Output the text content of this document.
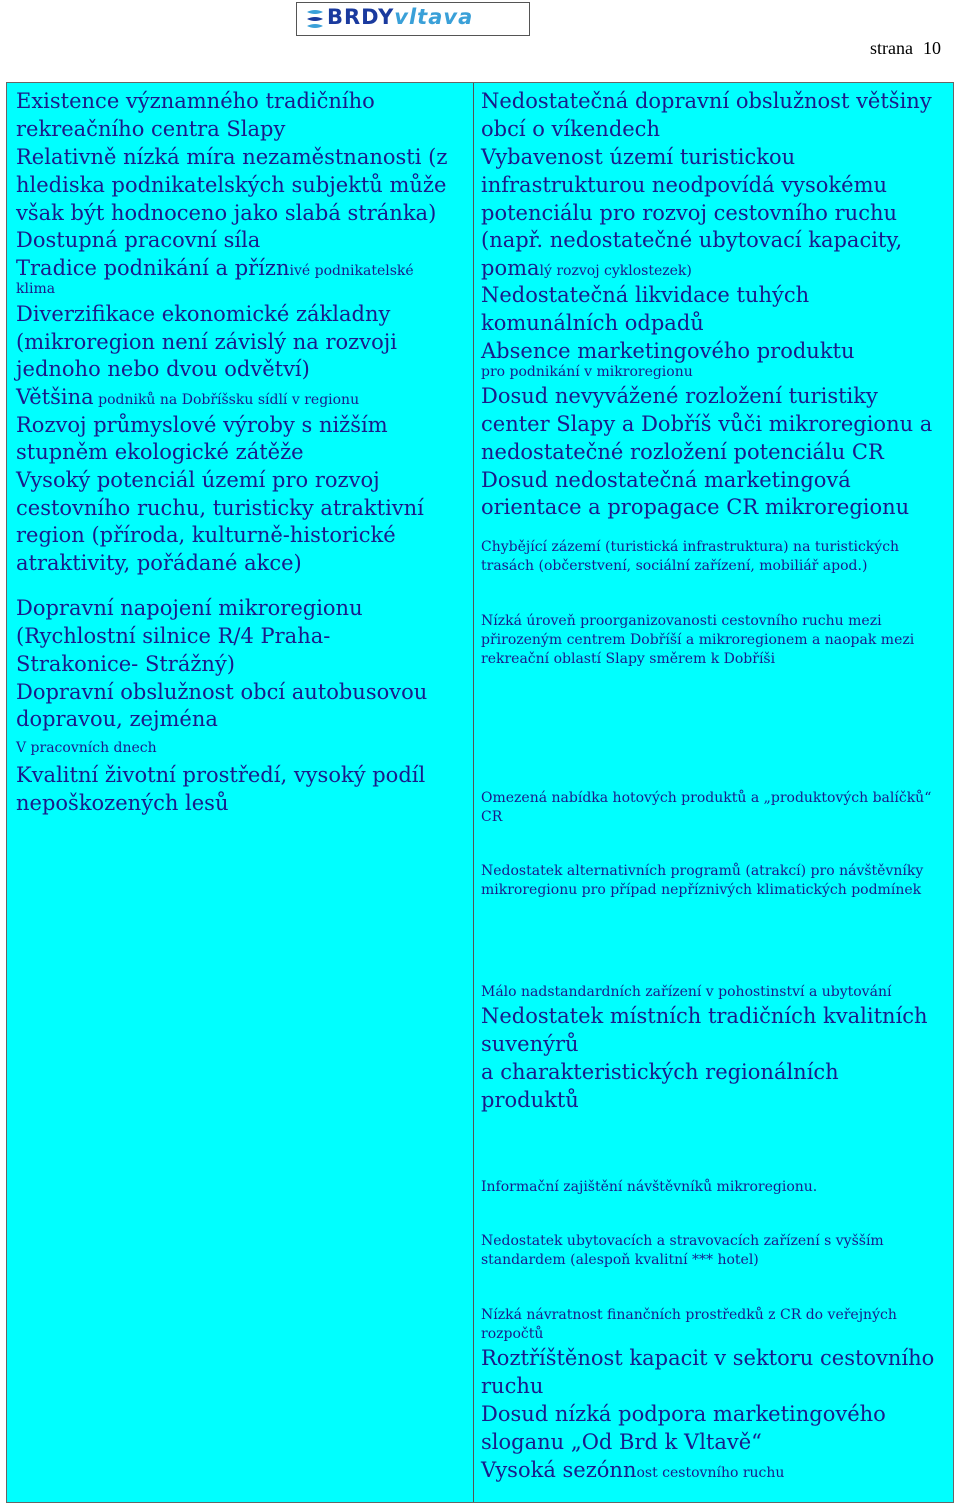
BRDYvltava
strana 10
Existence významného tradičního
rekreačního centra Slapy
Relativně nízká míra nezaměstnanosti (z
hlediska podnikatelských subjektů může
však být hodnoceno jako slabá stránka)
Dostupná pracovní síla
Tradice podnikání a příznivé podnikatelské
klima
Diverzifikace ekonomické základny
(mikroregion není závislý na rozvoji
jednoho nebo dvou odvětví)
Většina podniků na Dobříšsku sídlí v regionu
Rozvoj průmyslové výroby s nižším
stupněm ekologické zátěže
Vysoký potenciál území pro rozvoj
cestovního ruchu, turisticky atraktivní
region (příroda, kulturně-historické
atraktivity, pořádané akce)
Dopravní napojení mikroregionu
(Rychlostní silnice R/4 Praha-
Strakonice- Strážný)
Dopravní obslužnost obcí autobusovou
dopravou, zejména
V pracovních dnech
Kvalitní životní prostředí, vysoký podíl
nepoškozených lesů
Nedostatečná dopravní obslužnost většiny
obcí o víkendech
Vybavenost území turistickou
infrastrukturou neodpovídá vysokému
potenciálu pro rozvoj cestovního ruchu
(např. nedostatečné ubytovací kapacity,
pomalý rozvoj cyklostezek)
Nedostatečná likvidace tuhých
komunálních odpadů
Absence marketingového produktu
pro podnikání v mikroregionu
Dosud nevyvážené rozložení turistiky
center Slapy a Dobříš vůči mikroregionu a
nedostatečné rozložení potenciálu CR
Dosud nedostatečná marketingová
orientace a propagace CR mikroregionu
Chybějící zázemí (turistická infrastruktura) na turistických
trasách (občerstvení, sociální zařízení, mobiliář apod.)
Nízká úroveň proorganizovanosti cestovního ruchu mezi
přirozeným centrem Dobříší a mikroregionem a naopak mezi
rekreační oblastí Slapy směrem k Dobříši
Omezená nabídka hotových produktů a „produktových balíčků“
CR
Nedostatek alternativních programů (atrakcí) pro návštěvníky
mikroregionu pro případ nepříznivých klimatických podmínek
Málo nadstandardních zařízení v pohostinství a ubytování
Nedostatek místních tradičních kvalitních
suvenýrů
a charakteristických regionálních
produktů
Informační zajištění návštěvníků mikroregionu.
Nedostatek ubytovacích a stravovacích zařízení s vyšším
standardem (alespoň kvalitní *** hotel)
Nízká návratnost finančních prostředků z CR do veřejných
rozpočtů
Roztříštěnost kapacit v sektoru cestovního
ruchu
Dosud nízká podpora marketingového
sloganu „Od Brd k Vltavě“
Vysoká sezónnost cestovního ruchu
